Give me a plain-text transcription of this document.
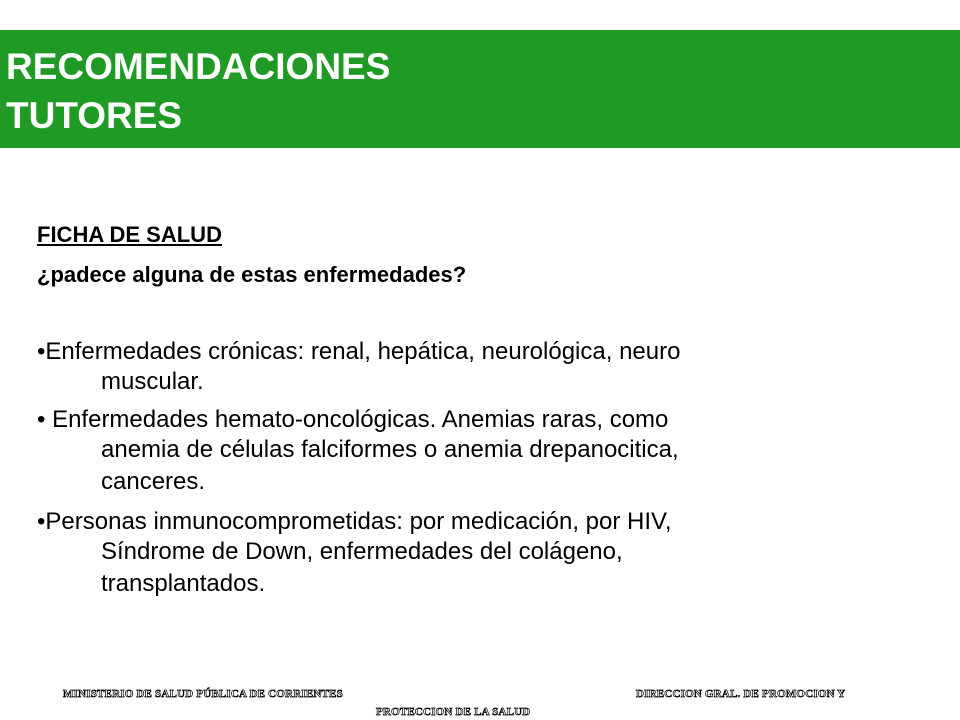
RECOMENDACIONES
TUTORES
FICHA DE SALUD
¿padece alguna de estas enfermedades?
•Enfermedades crónicas: renal, hepática, neurológica, neuro
muscular.
• Enfermedades hemato-oncológicas. Anemias raras, como
anemia de células falciformes o anemia drepanocitica,
canceres.
•Personas inmunocomprometidas: por medicación, por HIV,
Síndrome de Down, enfermedades del colágeno,
transplantados.
MINISTERIO DE SALUD PÚBLICA DE CORRIENTES	DIRECCION GRAL. DE PROMOCION Y
PROTECCION DE LA SALUD
